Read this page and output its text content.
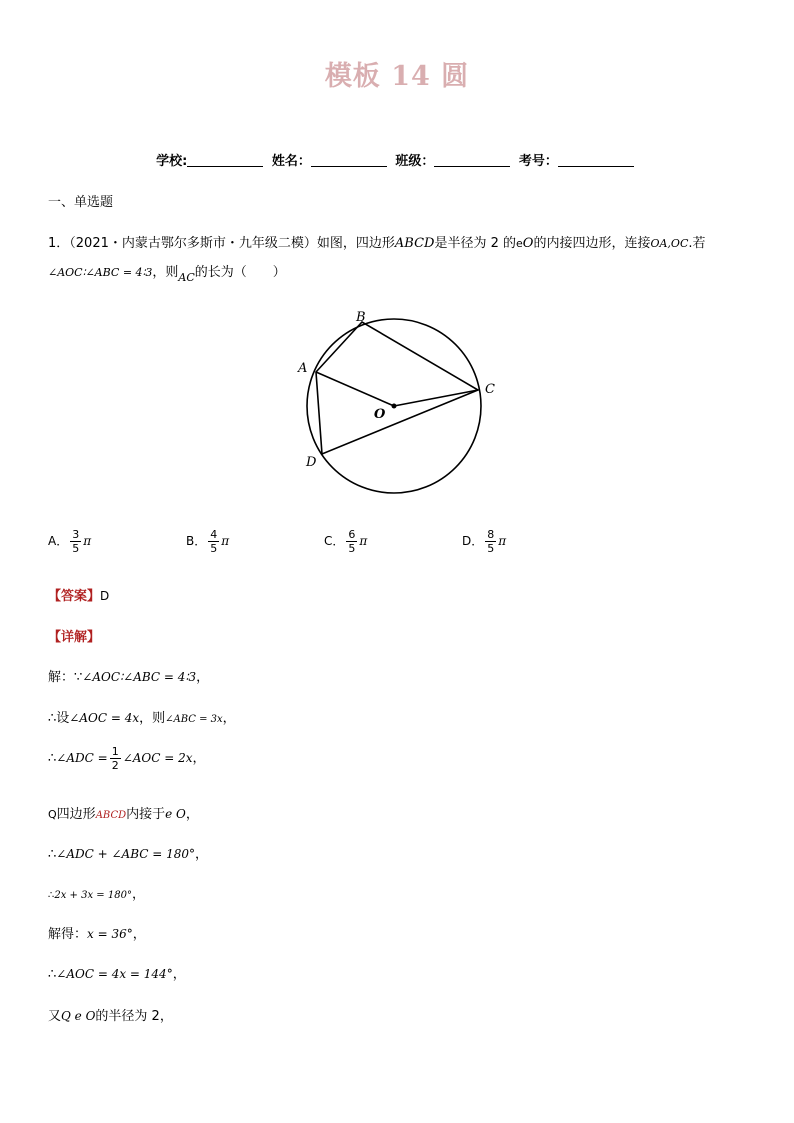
模板 14 圆
学校:	姓名：	班级：	考号：
一、单选题
1．（2021・内蒙古鄂尔多斯市・九年级二模）如图，四边形ABCD是半径为 2 的eO的内接四边形，连接OA,OC.若
∠AOC∶∠ABC = 4∶3，则$_{AC}$的长为（　　）
A
B
C
D
O
A． $\frac{3}{5}$ π	B． $\frac{4}{5}$ π	C． $\frac{6}{5}$ π	D． $\frac{8}{5}$ π
【答案】D
【详解】
解：∵∠AOC∶∠ABC = 4∶3，
∴设∠AOC = 4x，则∠ABC = 3x，
∴∠ADC = $\frac{1}{2}$ ∠AOC = 2x，
Q四边形ABCD内接于e O，
∴∠ADC + ∠ABC = 180°，
∴2x + 3x = 180°，
解得：x = 36°，
∴∠AOC = 4x = 144°，
又Q e O的半径为 2，
